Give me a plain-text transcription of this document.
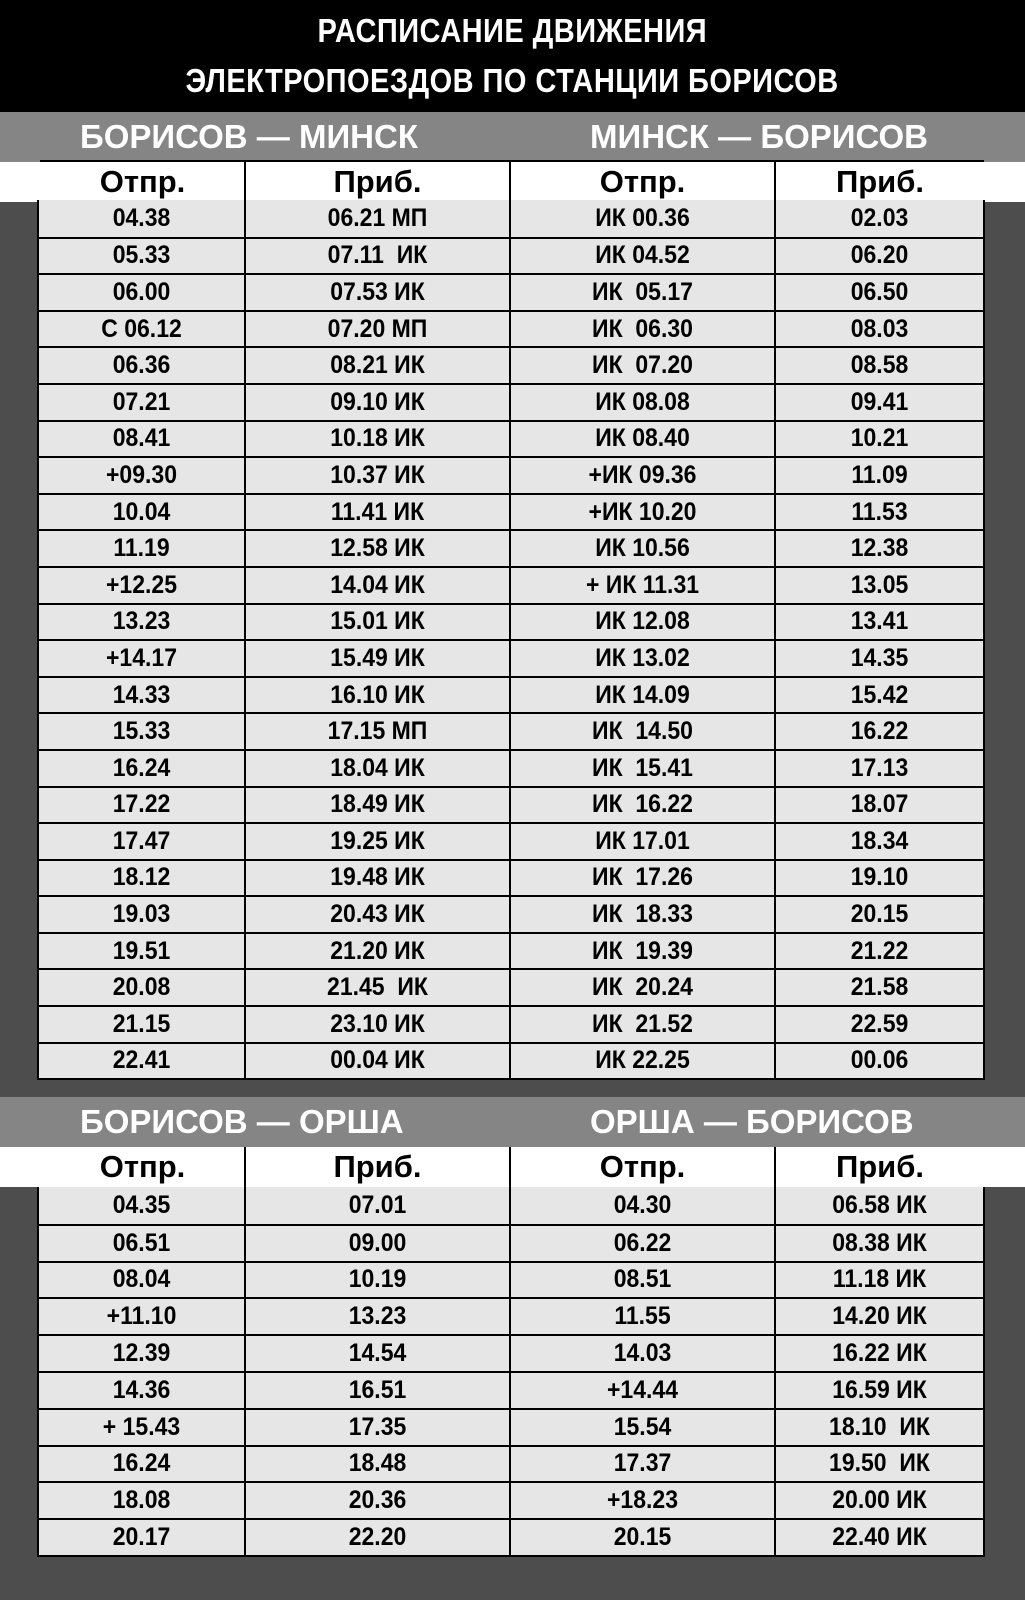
РАСПИСАНИЕ ДВИЖЕНИЯ
ЭЛЕКТРОПОЕЗДОВ ПО СТАНЦИИ БОРИСОВ
БОРИСОВ — МИНСК	МИНСК — БОРИСОВ
Отпр.	Приб.	Отпр.	Приб.
04.38	06.21 МП	ИК 00.36	02.03
05.33	07.11  ИК	ИК 04.52	06.20
06.00	07.53 ИК	ИК  05.17	06.50
С 06.12	07.20 МП	ИК  06.30	08.03
06.36	08.21 ИК	ИК  07.20	08.58
07.21	09.10 ИК	ИК 08.08	09.41
08.41	10.18 ИК	ИК 08.40	10.21
+09.30	10.37 ИК	+ИК 09.36	11.09
10.04	11.41 ИК	+ИК 10.20	11.53
11.19	12.58 ИК	ИК 10.56	12.38
+12.25	14.04 ИК	+ ИК 11.31	13.05
13.23	15.01 ИК	ИК 12.08	13.41
+14.17	15.49 ИК	ИК 13.02	14.35
14.33	16.10 ИК	ИК 14.09	15.42
15.33	17.15 МП	ИК  14.50	16.22
16.24	18.04 ИК	ИК  15.41	17.13
17.22	18.49 ИК	ИК  16.22	18.07
17.47	19.25 ИК	ИК 17.01	18.34
18.12	19.48 ИК	ИК  17.26	19.10
19.03	20.43 ИК	ИК  18.33	20.15
19.51	21.20 ИК	ИК  19.39	21.22
20.08	21.45  ИК	ИК  20.24	21.58
21.15	23.10 ИК	ИК  21.52	22.59
22.41	00.04 ИК	ИК 22.25	00.06
БОРИСОВ — ОРША	ОРША — БОРИСОВ
Отпр.	Приб.	Отпр.	Приб.
04.35	07.01	04.30	06.58 ИК
06.51	09.00	06.22	08.38 ИК
08.04	10.19	08.51	11.18 ИК
+11.10	13.23	11.55	14.20 ИК
12.39	14.54	14.03	16.22 ИК
14.36	16.51	+14.44	16.59 ИК
+ 15.43	17.35	15.54	18.10  ИК
16.24	18.48	17.37	19.50  ИК
18.08	20.36	+18.23	20.00 ИК
20.17	22.20	20.15	22.40 ИК
